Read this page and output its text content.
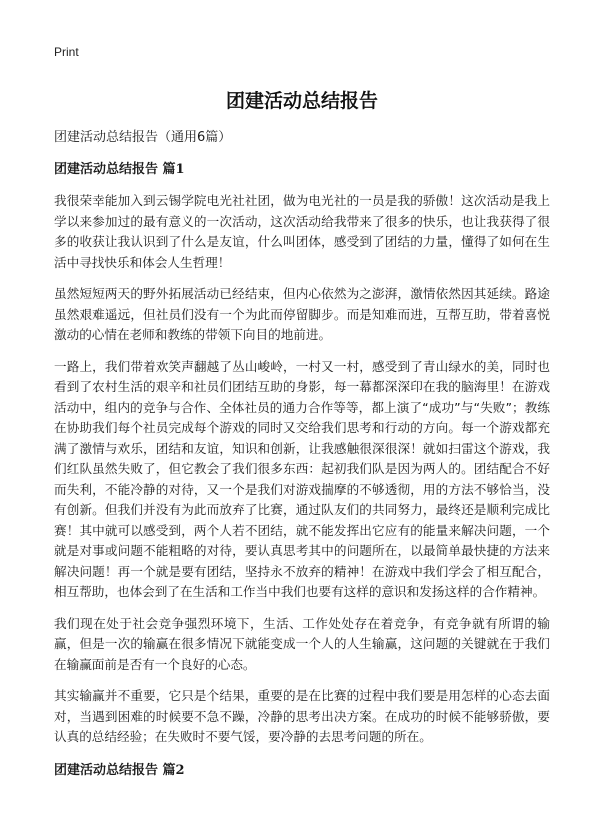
Print

团建活动总结报告

团建活动总结报告（通用6篇）

团建活动总结报告 篇1

我很荣幸能加入到云锡学院电光社社团，做为电光社的一员是我的骄傲！这次活动是我上学以来参加过的最有意义的一次活动，这次活动给我带来了很多的快乐，也让我获得了很多的收获让我认识到了什么是友谊，什么叫团体，感受到了团结的力量，懂得了如何在生活中寻找快乐和体会人生哲理！

虽然短短两天的野外拓展活动已经结束，但内心依然为之澎湃，激情依然因其延续。路途虽然艰难遥远，但社员们没有一个为此而停留脚步。而是知难而进，互帮互助，带着喜悦激动的心情在老师和教练的带领下向目的地前进。

一路上，我们带着欢笑声翻越了丛山峻岭，一村又一村，感受到了青山绿水的美，同时也看到了农村生活的艰辛和社员们团结互助的身影，每一幕都深深印在我的脑海里！在游戏活动中，组内的竞争与合作、全体社员的通力合作等等，都上演了“成功”与“失败”；教练在协助我们每个社员完成每个游戏的同时又交给我们思考和行动的方向。每一个游戏都充满了激情与欢乐，团结和友谊，知识和创新，让我感触很深很深！就如扫雷这个游戏，我们红队虽然失败了，但它教会了我们很多东西：起初我们队是因为两人的。团结配合不好而失利，不能冷静的对待，又一个是我们对游戏揣摩的不够透彻，用的方法不够恰当，没有创新。但我们并没有为此而放弃了比赛，通过队友们的共同努力，最终还是顺利完成比赛！其中就可以感受到，两个人若不团结，就不能发挥出它应有的能量来解决问题，一个就是对事或问题不能粗略的对待，要认真思考其中的问题所在，以最简单最快捷的方法来解决问题！再一个就是要有团结，坚持永不放弃的精神！在游戏中我们学会了相互配合，相互帮助，也体会到了在生活和工作当中我们也要有这样的意识和发扬这样的合作精神。

我们现在处于社会竞争强烈环境下，生活、工作处处存在着竞争，有竞争就有所谓的输赢，但是一次的输赢在很多情况下就能变成一个人的人生输赢，这问题的关键就在于我们在输赢面前是否有一个良好的心态。

其实输赢并不重要，它只是个结果，重要的是在比赛的过程中我们要是用怎样的心态去面对，当遇到困难的时候要不急不躁，冷静的思考出决方案。在成功的时候不能够骄傲，要认真的总结经验；在失败时不要气馁，要冷静的去思考问题的所在。

团建活动总结报告 篇2
